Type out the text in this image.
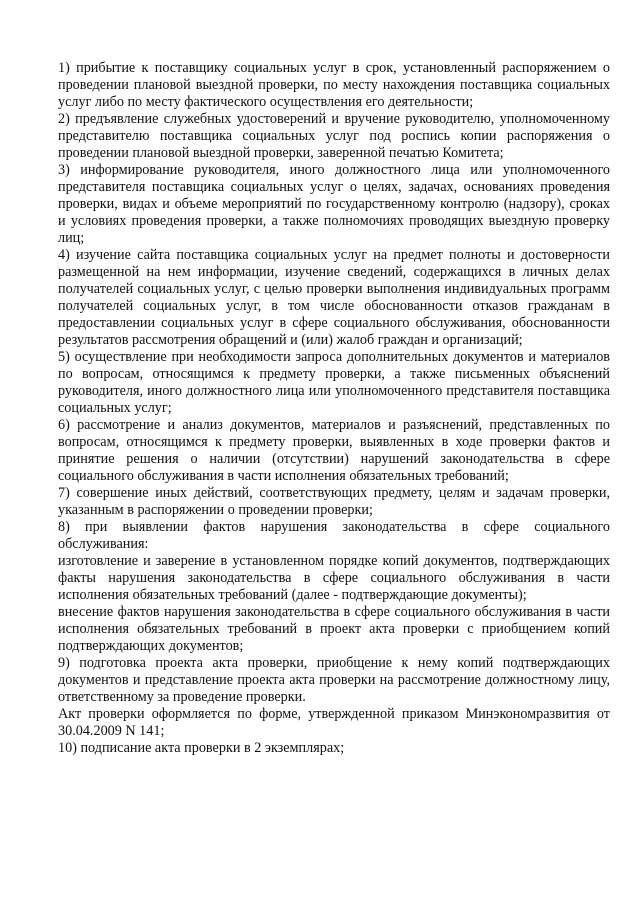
1) прибытие к поставщику социальных услуг в срок, установленный распоряжением о проведении плановой выездной проверки, по месту нахождения поставщика социальных услуг либо по месту фактического осуществления его деятельности;

2) предъявление служебных удостоверений и вручение руководителю, уполномоченному представителю поставщика социальных услуг под роспись копии распоряжения о проведении плановой выездной проверки, заверенной печатью Комитета;

3) информирование руководителя, иного должностного лица или уполномоченного представителя поставщика социальных услуг о целях, задачах, основаниях проведения проверки, видах и объеме мероприятий по государственному контролю (надзору), сроках и условиях проведения проверки, а также полномочиях проводящих выездную проверку лиц;

4) изучение сайта поставщика социальных услуг на предмет полноты и достоверности размещенной на нем информации, изучение сведений, содержащихся в личных делах получателей социальных услуг, с целью проверки выполнения индивидуальных программ получателей социальных услуг, в том числе обоснованности отказов гражданам в предоставлении социальных услуг в сфере социального обслуживания, обоснованности результатов рассмотрения обращений и (или) жалоб граждан и организаций;

5) осуществление при необходимости запроса дополнительных документов и материалов по вопросам, относящимся к предмету проверки, а также письменных объяснений руководителя, иного должностного лица или уполномоченного представителя поставщика социальных услуг;

6) рассмотрение и анализ документов, материалов и разъяснений, представленных по вопросам, относящимся к предмету проверки, выявленных в ходе проверки фактов и принятие решения о наличии (отсутствии) нарушений законодательства в сфере социального обслуживания в части исполнения обязательных требований;

7) совершение иных действий, соответствующих предмету, целям и задачам проверки, указанным в распоряжении о проведении проверки;

8) при выявлении фактов нарушения законодательства в сфере социального обслуживания:

изготовление и заверение в установленном порядке копий документов, подтверждающих факты нарушения законодательства в сфере социального обслуживания в части исполнения обязательных требований (далее - подтверждающие документы);

внесение фактов нарушения законодательства в сфере социального обслуживания в части исполнения обязательных требований в проект акта проверки с приобщением копий подтверждающих документов;

9) подготовка проекта акта проверки, приобщение к нему копий подтверждающих документов и представление проекта акта проверки на рассмотрение должностному лицу, ответственному за проведение проверки.

Акт проверки оформляется по форме, утвержденной приказом Минэкономразвития от 30.04.2009 N 141;

10) подписание акта проверки в 2 экземплярах;
